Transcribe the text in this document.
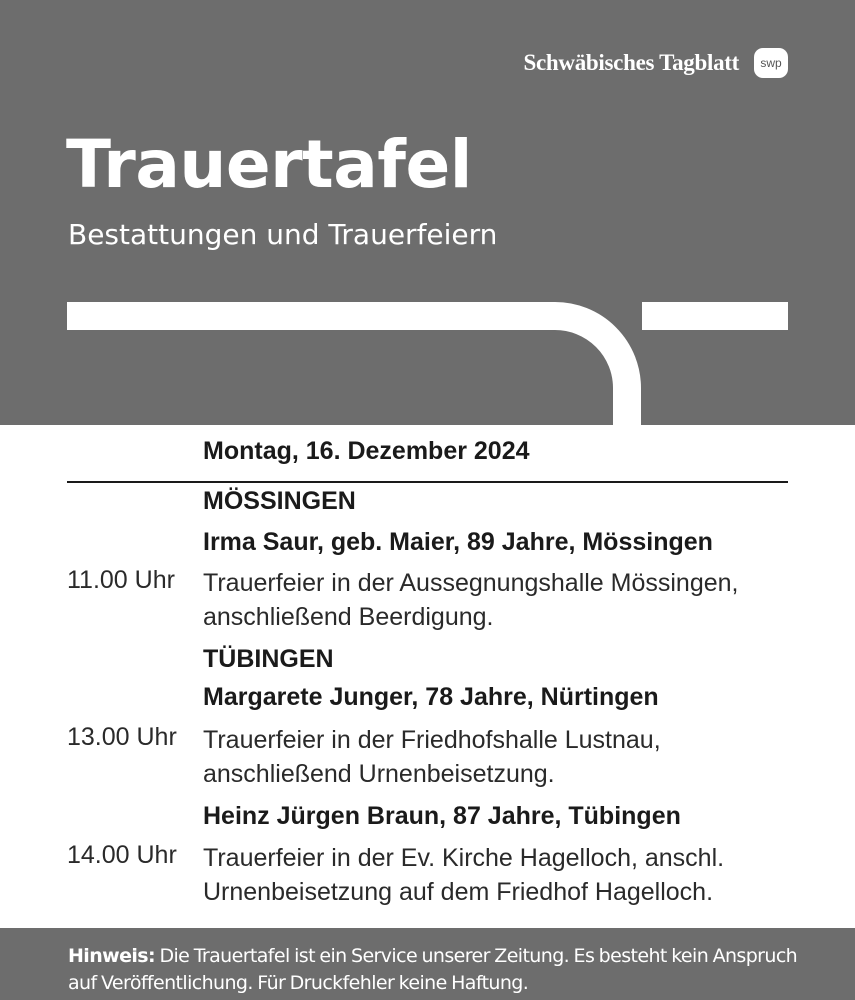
Schwäbisches Tagblatt	swp
Trauertafel
Bestattungen und Trauerfeiern
Montag, 16. Dezember 2024
MÖSSINGEN
Irma Saur, geb. Maier, 89 Jahre, Mössingen
11.00 Uhr Trauerfeier in der Aussegnungshalle Mössingen,
anschließend Beerdigung.
TÜBINGEN
Margarete Junger, 78 Jahre, Nürtingen
13.00 Uhr Trauerfeier in der Friedhofshalle Lustnau,
anschließend Urnenbeisetzung.
Heinz Jürgen Braun, 87 Jahre, Tübingen
14.00 Uhr Trauerfeier in der Ev. Kirche Hagelloch, anschl.
Urnenbeisetzung auf dem Friedhof Hagelloch.

Hinweis: Die Trauertafel ist ein Service unserer Zeitung. Es besteht kein Anspruch auf Veröffentlichung. Für Druckfehler keine Haftung.
